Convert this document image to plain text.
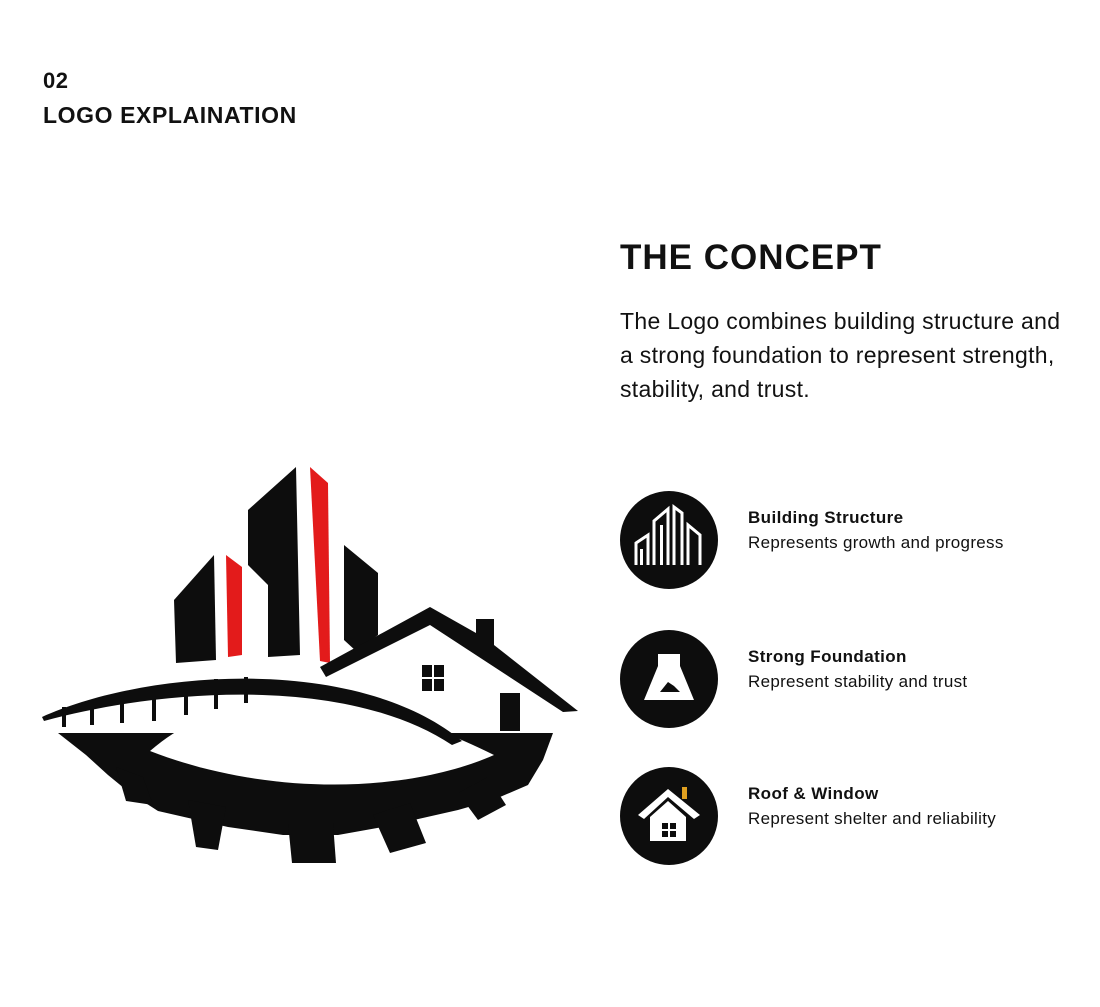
02
LOGO EXPLAINATION
THE CONCEPT

The Logo combines building structure and a strong foundation to represent strength, stability, and trust.

Building Structure
Represents growth and progress
Strong Foundation
Represent stability and trust
Roof & Window
Represent shelter and reliability
